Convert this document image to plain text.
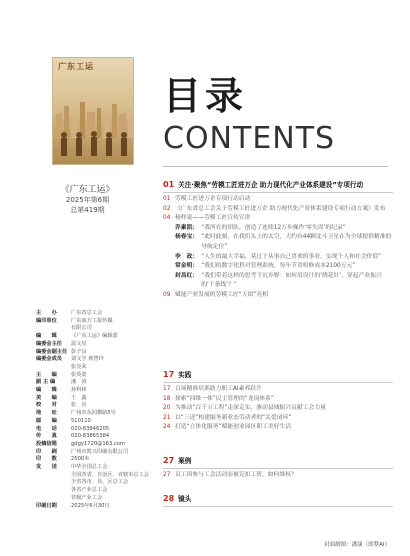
广东工运
《广东工运》
2025年第6期
总第419期
主　　办	广东省总工会
编印单位	广东南方工报传媒
有限公司
编　　辑	《广东工运》编辑部
编委会主任	温文星
编委会副主任 彭子良
编委会成员	刘文学 蔡慧玲
张亮荣
主　　编	张英姿
副 主 编	潘　涛
编　　辑	孙科林
美　　编	王　鑫
校　　对	张　亮
地　　址	广州市东园横路5号
邮　　编	510110
电　　话	020-83846205
传　　真	020-83865384
投稿信箱	gdgy1720@163.com
印　　刷	广州市凯兴印刷有限公司
印　　数	2500本
发　　送	中华全国总工会
全国各省、自治区、直辖市总工会
全省各市、县、区总工会
各省产业总工会
省级产业工会
印刷日期	2025年6月30日
目录
CONTENTS
01 关注·聚焦“劳模工匠进万企 助力现代化产业体系建设”专项行动
01 劳模工匠进万企专项行动启动
02 《广东省总工会关于劳模工匠进万企 助力现代化产业体系建设专项行动方案》发布
04 榜样说——劳模工匠宣传宣讲
乔素凯： “我所在的团队，创造了连续12万步操作‘零失误’的纪录”
杨春宝： “此时此刻，在我们头上的太空，大约有44颗北斗卫星在为全球提供精准的导航定位”
李　政： “人生的最大幸福，莫过于从事自己喜欢的事业，实现个人和社会价值”
常金明： “我们的数字化科对管理系统，每年节省检修成本2100万元”
封昌红： “我们带着这样的思考下沉乡野：如何用设计的‘绣花针’，穿起产业振兴的‘千条线’？”
09 赋能产业发展的劳模工匠“天团”亮相
17 实践
17 百场精准培训助力职工AI素养跃升
18 探索“四维一体”民主管理的“龙岗体系”
20 为推动“百千万工程”走深走实，驱动县域振兴贡献工会力量
21 以“三送”构建服务新业态劳动者的“关爱闭环”
24 打造“立体化服务”赋能创业园区职工美好生活
27 案例
27 员工因参与工会活动而被克扣工资，如何维权？
28 镜头
封面制图：潘康（即梦AI）
